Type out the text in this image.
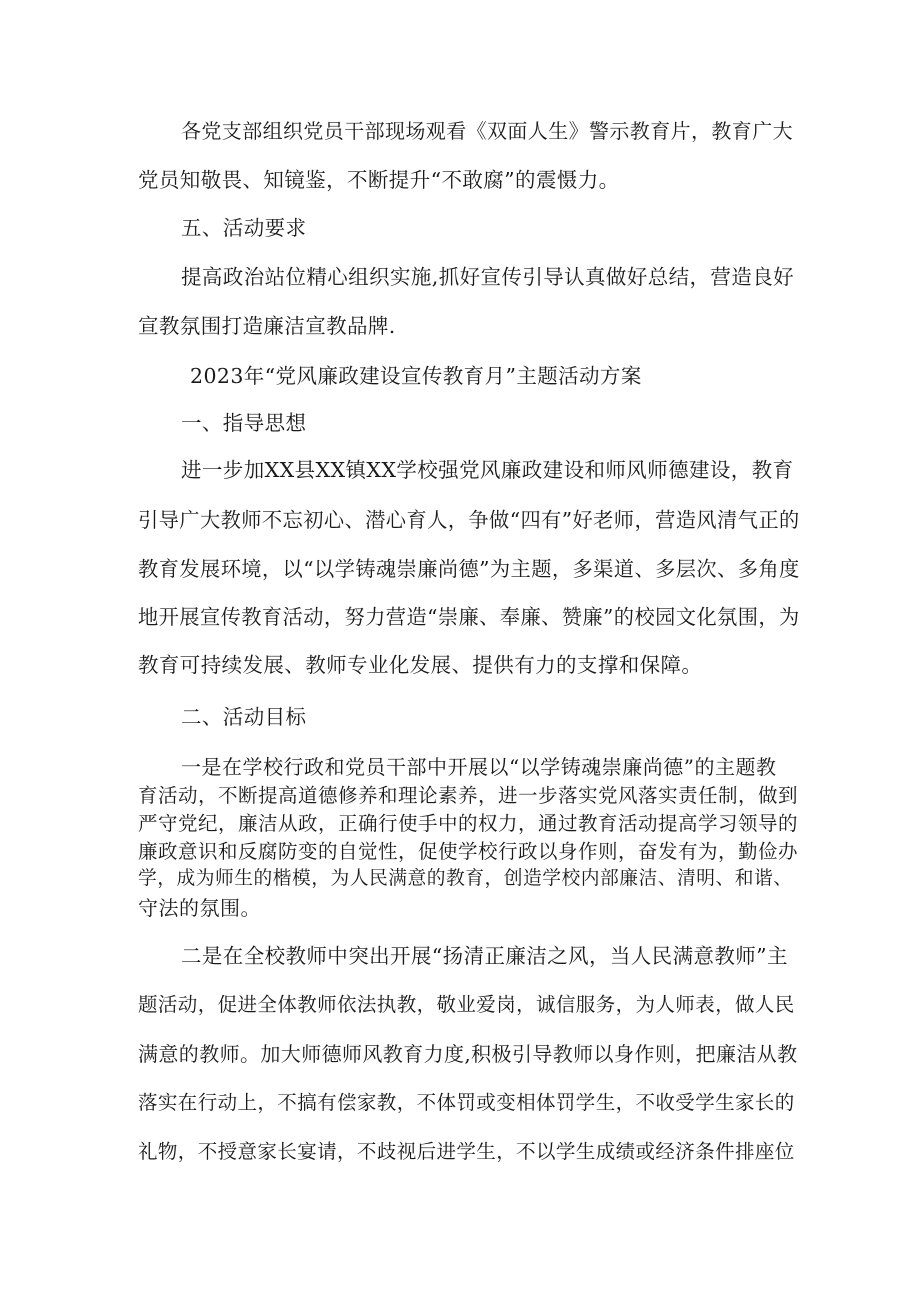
各党支部组织党员干部现场观看《双面人生》警示教育片，教育广大
党员知敬畏、知镜鉴，不断提升“不敢腐”的震慑力。
五、活动要求
提高政治站位精心组织实施,抓好宣传引导认真做好总结，营造良好
宣教氛围打造廉洁宣教品牌.
2023年“党风廉政建设宣传教育月”主题活动方案
一、指导思想
进一步加XX县XX镇XX学校强党风廉政建设和师风师德建设，教育
引导广大教师不忘初心、潜心育人，争做“四有”好老师，营造风清气正的
教育发展环境，以“以学铸魂崇廉尚德”为主题，多渠道、多层次、多角度
地开展宣传教育活动，努力营造“崇廉、奉廉、赞廉”的校园文化氛围，为
教育可持续发展、教师专业化发展、提供有力的支撑和保障。
二、活动目标
一是在学校行政和党员干部中开展以“以学铸魂崇廉尚德”的主题教
育活动，不断提高道德修养和理论素养，进一步落实党风落实责任制，做到
严守党纪，廉洁从政，正确行使手中的权力，通过教育活动提高学习领导的
廉政意识和反腐防变的自觉性，促使学校行政以身作则，奋发有为，勤俭办
学，成为师生的楷模，为人民满意的教育，创造学校内部廉洁、清明、和谐、
守法的氛围。
二是在全校教师中突出开展“扬清正廉洁之风，当人民满意教师”主
题活动，促进全体教师依法执教，敬业爱岗，诚信服务，为人师表，做人民
满意的教师。加大师德师风教育力度,积极引导教师以身作则，把廉洁从教
落实在行动上，不搞有偿家教，不体罚或变相体罚学生，不收受学生家长的
礼物，不授意家长宴请，不歧视后进学生，不以学生成绩或经济条件排座位
